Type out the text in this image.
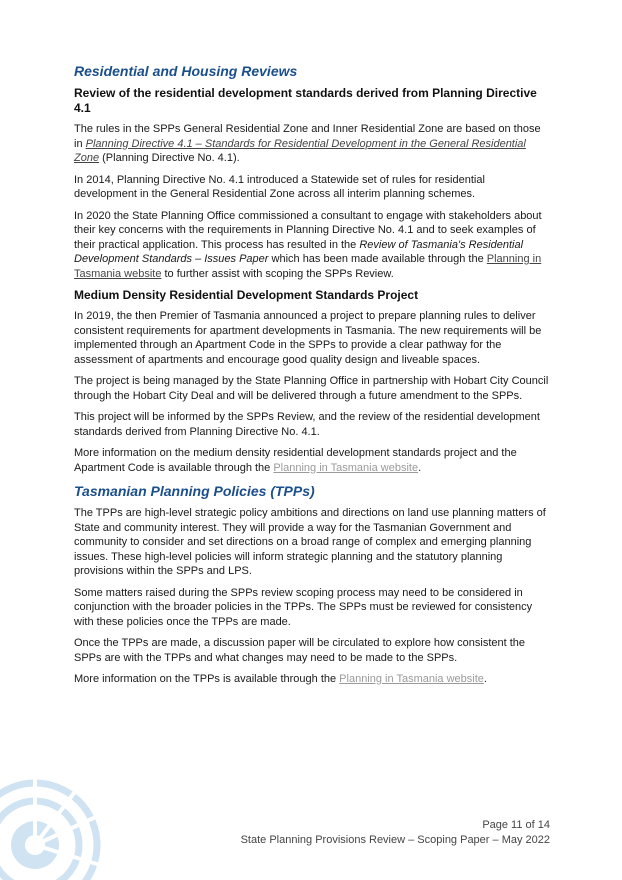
Residential and Housing Reviews
Review of the residential development standards derived from Planning Directive 4.1

The rules in the SPPs General Residential Zone and Inner Residential Zone are based on those in Planning Directive 4.1 – Standards for Residential Development in the General Residential Zone (Planning Directive No. 4.1).

In 2014, Planning Directive No. 4.1 introduced a Statewide set of rules for residential development in the General Residential Zone across all interim planning schemes.

In 2020 the State Planning Office commissioned a consultant to engage with stakeholders about their key concerns with the requirements in Planning Directive No. 4.1 and to seek examples of their practical application. This process has resulted in the Review of Tasmania's Residential Development Standards – Issues Paper which has been made available through the Planning in Tasmania website to further assist with scoping the SPPs Review.

Medium Density Residential Development Standards Project

In 2019, the then Premier of Tasmania announced a project to prepare planning rules to deliver consistent requirements for apartment developments in Tasmania. The new requirements will be implemented through an Apartment Code in the SPPs to provide a clear pathway for the assessment of apartments and encourage good quality design and liveable spaces.

The project is being managed by the State Planning Office in partnership with Hobart City Council through the Hobart City Deal and will be delivered through a future amendment to the SPPs.

This project will be informed by the SPPs Review, and the review of the residential development standards derived from Planning Directive No. 4.1.

More information on the medium density residential development standards project and the Apartment Code is available through the Planning in Tasmania website.

Tasmanian Planning Policies (TPPs)

The TPPs are high-level strategic policy ambitions and directions on land use planning matters of State and community interest. They will provide a way for the Tasmanian Government and community to consider and set directions on a broad range of complex and emerging planning issues. These high-level policies will inform strategic planning and the statutory planning provisions within the SPPs and LPS.

Some matters raised during the SPPs review scoping process may need to be considered in conjunction with the broader policies in the TPPs. The SPPs must be reviewed for consistency with these policies once the TPPs are made.

Once the TPPs are made, a discussion paper will be circulated to explore how consistent the SPPs are with the TPPs and what changes may need to be made to the SPPs.

More information on the TPPs is available through the Planning in Tasmania website.

Page 11 of 14
State Planning Provisions Review – Scoping Paper – May 2022
